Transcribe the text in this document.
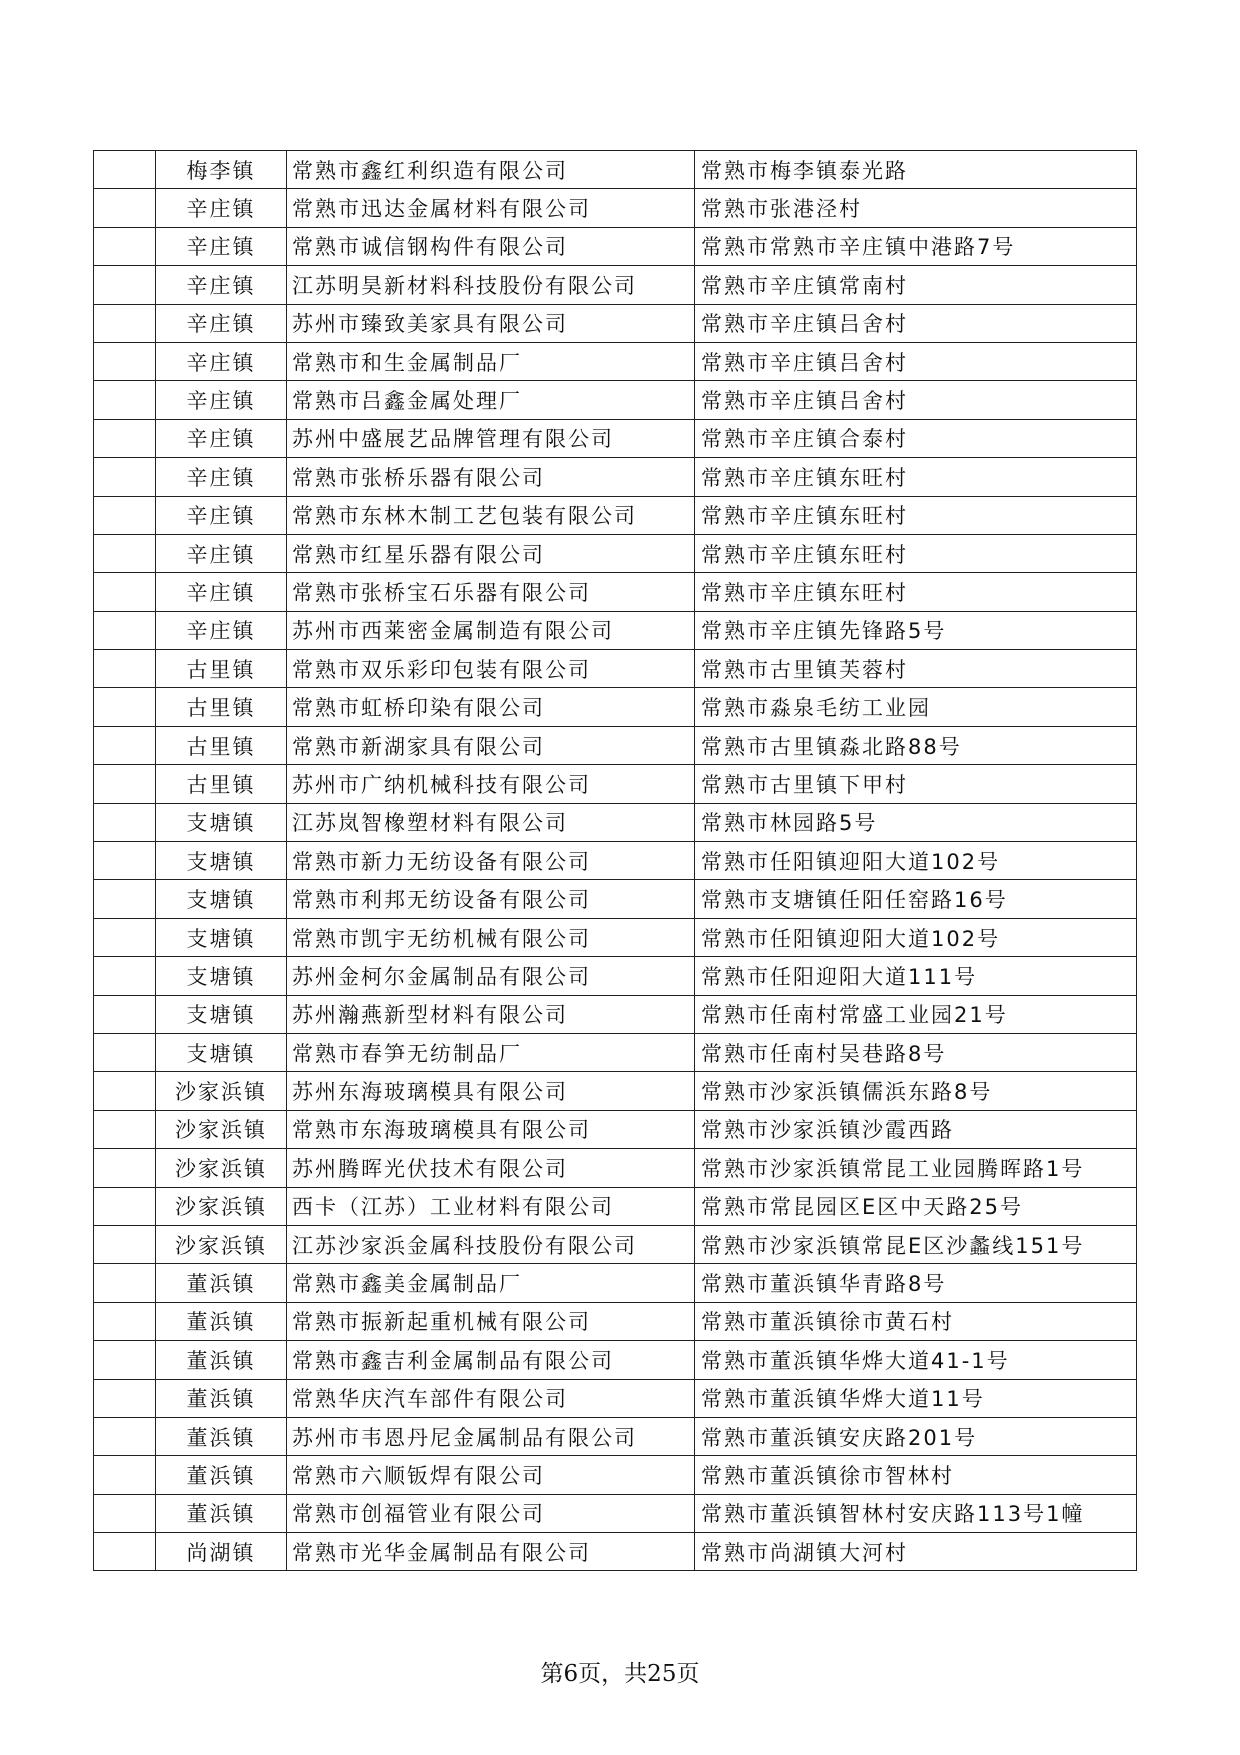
	梅李镇	常熟市鑫红利织造有限公司	常熟市梅李镇泰光路
	辛庄镇	常熟市迅达金属材料有限公司	常熟市张港泾村
	辛庄镇	常熟市诚信钢构件有限公司	常熟市常熟市辛庄镇中港路7号
	辛庄镇	江苏明昊新材料科技股份有限公司	常熟市辛庄镇常南村
	辛庄镇	苏州市臻致美家具有限公司	常熟市辛庄镇吕舍村
	辛庄镇	常熟市和生金属制品厂	常熟市辛庄镇吕舍村
	辛庄镇	常熟市吕鑫金属处理厂	常熟市辛庄镇吕舍村
	辛庄镇	苏州中盛展艺品牌管理有限公司	常熟市辛庄镇合泰村
	辛庄镇	常熟市张桥乐器有限公司	常熟市辛庄镇东旺村
	辛庄镇	常熟市东林木制工艺包装有限公司	常熟市辛庄镇东旺村
	辛庄镇	常熟市红星乐器有限公司	常熟市辛庄镇东旺村
	辛庄镇	常熟市张桥宝石乐器有限公司	常熟市辛庄镇东旺村
	辛庄镇	苏州市西莱密金属制造有限公司	常熟市辛庄镇先锋路5号
	古里镇	常熟市双乐彩印包装有限公司	常熟市古里镇芙蓉村
	古里镇	常熟市虹桥印染有限公司	常熟市淼泉毛纺工业园
	古里镇	常熟市新湖家具有限公司	常熟市古里镇淼北路88号
	古里镇	苏州市广纳机械科技有限公司	常熟市古里镇下甲村
	支塘镇	江苏岚智橡塑材料有限公司	常熟市林园路5号
	支塘镇	常熟市新力无纺设备有限公司	常熟市任阳镇迎阳大道102号
	支塘镇	常熟市利邦无纺设备有限公司	常熟市支塘镇任阳任窑路16号
	支塘镇	常熟市凯宇无纺机械有限公司	常熟市任阳镇迎阳大道102号
	支塘镇	苏州金柯尔金属制品有限公司	常熟市任阳迎阳大道111号
	支塘镇	苏州瀚燕新型材料有限公司	常熟市任南村常盛工业园21号
	支塘镇	常熟市春笋无纺制品厂	常熟市任南村吴巷路8号
	沙家浜镇	苏州东海玻璃模具有限公司	常熟市沙家浜镇儒浜东路8号
	沙家浜镇	常熟市东海玻璃模具有限公司	常熟市沙家浜镇沙霞西路
	沙家浜镇	苏州腾晖光伏技术有限公司	常熟市沙家浜镇常昆工业园腾晖路1号
	沙家浜镇	西卡（江苏）工业材料有限公司	常熟市常昆园区E区中天路25号
	沙家浜镇	江苏沙家浜金属科技股份有限公司	常熟市沙家浜镇常昆E区沙蠡线151号
	董浜镇	常熟市鑫美金属制品厂	常熟市董浜镇华青路8号
	董浜镇	常熟市振新起重机械有限公司	常熟市董浜镇徐市黄石村
	董浜镇	常熟市鑫吉利金属制品有限公司	常熟市董浜镇华烨大道41-1号
	董浜镇	常熟华庆汽车部件有限公司	常熟市董浜镇华烨大道11号
	董浜镇	苏州市韦恩丹尼金属制品有限公司	常熟市董浜镇安庆路201号
	董浜镇	常熟市六顺钣焊有限公司	常熟市董浜镇徐市智林村
	董浜镇	常熟市创福管业有限公司	常熟市董浜镇智林村安庆路113号1幢
	尚湖镇	常熟市光华金属制品有限公司	常熟市尚湖镇大河村
第6页，共25页
